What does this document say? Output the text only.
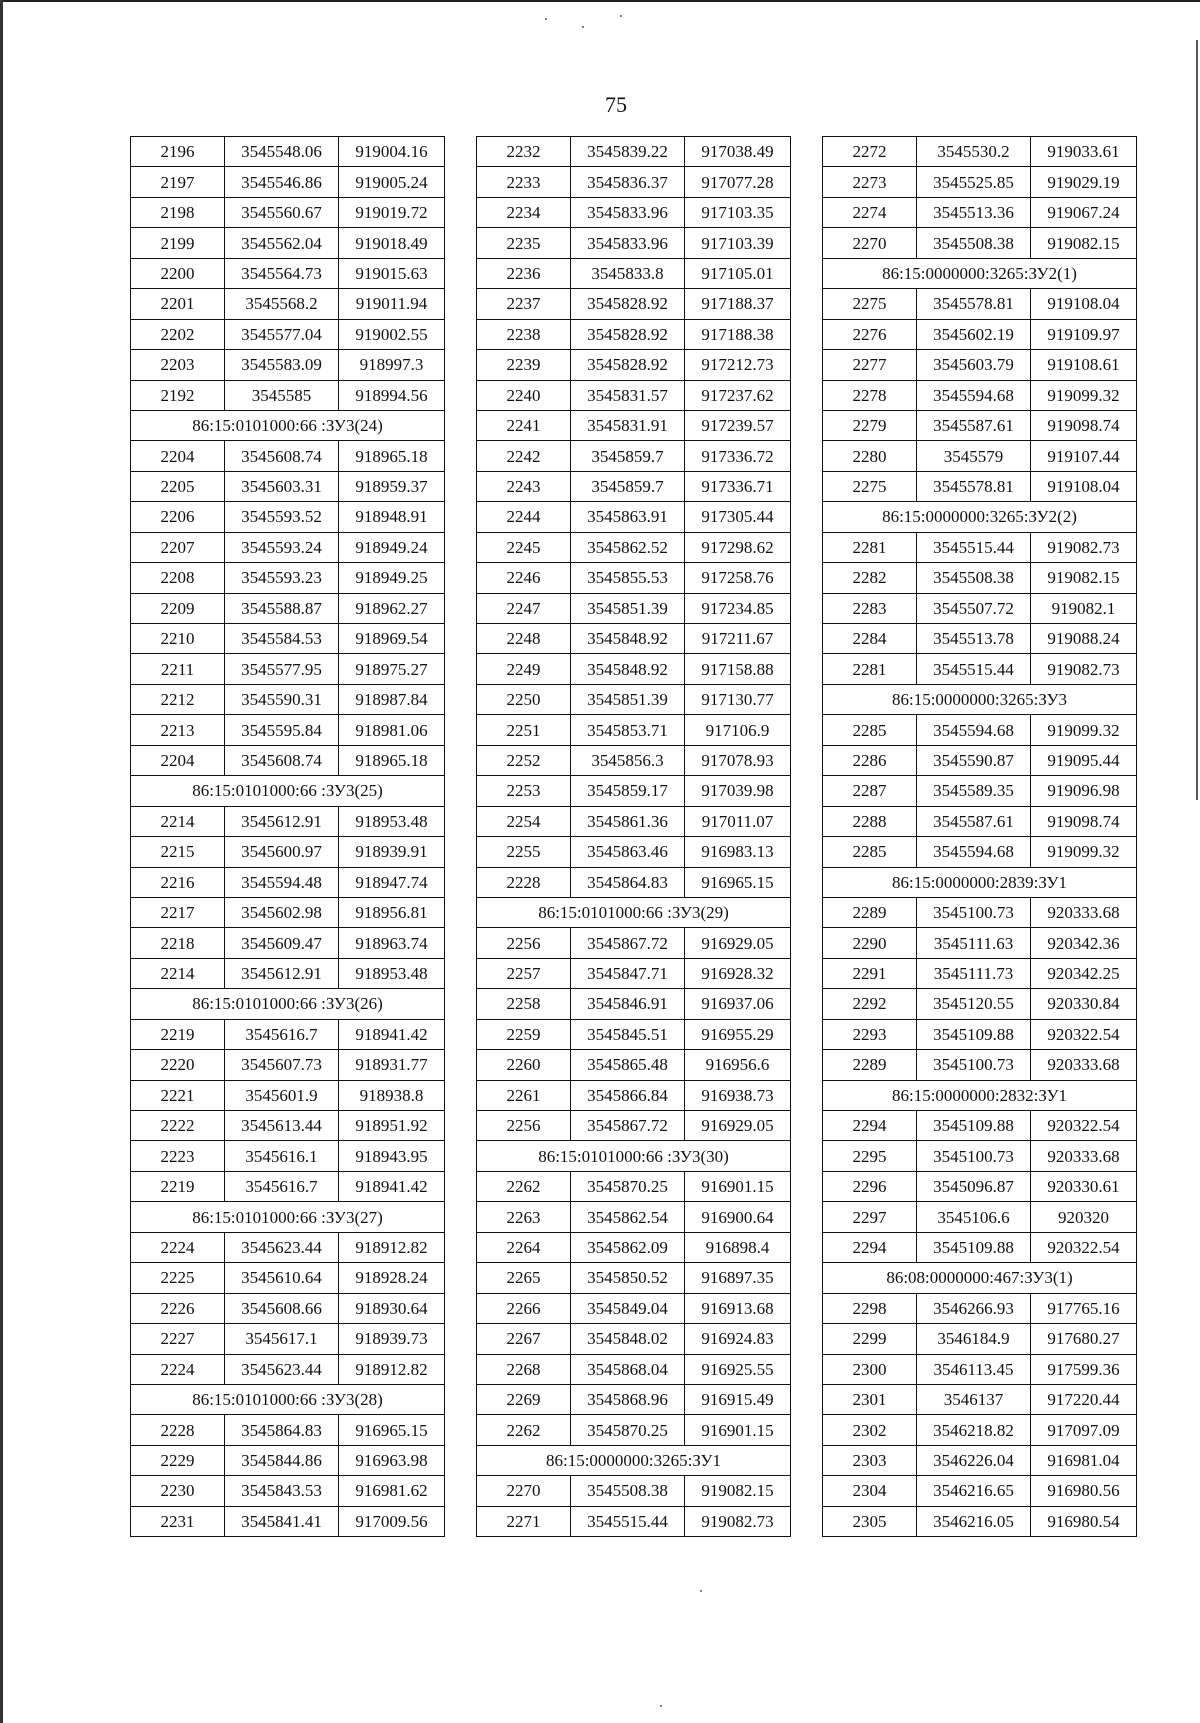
75
2196	3545548.06	919004.16
2197	3545546.86	919005.24
2198	3545560.67	919019.72
2199	3545562.04	919018.49
2200	3545564.73	919015.63
2201	3545568.2	919011.94
2202	3545577.04	919002.55
2203	3545583.09	918997.3
2192	3545585	918994.56
86:15:0101000:66 :ЗУ3(24)		
2204	3545608.74	918965.18
2205	3545603.31	918959.37
2206	3545593.52	918948.91
2207	3545593.24	918949.24
2208	3545593.23	918949.25
2209	3545588.87	918962.27
2210	3545584.53	918969.54
2211	3545577.95	918975.27
2212	3545590.31	918987.84
2213	3545595.84	918981.06
2204	3545608.74	918965.18
86:15:0101000:66 :ЗУ3(25)		
2214	3545612.91	918953.48
2215	3545600.97	918939.91
2216	3545594.48	918947.74
2217	3545602.98	918956.81
2218	3545609.47	918963.74
2214	3545612.91	918953.48
86:15:0101000:66 :ЗУ3(26)		
2219	3545616.7	918941.42
2220	3545607.73	918931.77
2221	3545601.9	918938.8
2222	3545613.44	918951.92
2223	3545616.1	918943.95
2219	3545616.7	918941.42
86:15:0101000:66 :ЗУ3(27)		
2224	3545623.44	918912.82
2225	3545610.64	918928.24
2226	3545608.66	918930.64
2227	3545617.1	918939.73
2224	3545623.44	918912.82
86:15:0101000:66 :ЗУ3(28)		
2228	3545864.83	916965.15
2229	3545844.86	916963.98
2230	3545843.53	916981.62
2231	3545841.41	917009.56
2232	3545839.22	917038.49
2233	3545836.37	917077.28
2234	3545833.96	917103.35
2235	3545833.96	917103.39
2236	3545833.8	917105.01
2237	3545828.92	917188.37
2238	3545828.92	917188.38
2239	3545828.92	917212.73
2240	3545831.57	917237.62
2241	3545831.91	917239.57
2242	3545859.7	917336.72
2243	3545859.7	917336.71
2244	3545863.91	917305.44
2245	3545862.52	917298.62
2246	3545855.53	917258.76
2247	3545851.39	917234.85
2248	3545848.92	917211.67
2249	3545848.92	917158.88
2250	3545851.39	917130.77
2251	3545853.71	917106.9
2252	3545856.3	917078.93
2253	3545859.17	917039.98
2254	3545861.36	917011.07
2255	3545863.46	916983.13
2228	3545864.83	916965.15
86:15:0101000:66 :ЗУ3(29)		
2256	3545867.72	916929.05
2257	3545847.71	916928.32
2258	3545846.91	916937.06
2259	3545845.51	916955.29
2260	3545865.48	916956.6
2261	3545866.84	916938.73
2256	3545867.72	916929.05
86:15:0101000:66 :ЗУ3(30)		
2262	3545870.25	916901.15
2263	3545862.54	916900.64
2264	3545862.09	916898.4
2265	3545850.52	916897.35
2266	3545849.04	916913.68
2267	3545848.02	916924.83
2268	3545868.04	916925.55
2269	3545868.96	916915.49
2262	3545870.25	916901.15
86:15:0000000:3265:ЗУ1		
2270	3545508.38	919082.15
2271	3545515.44	919082.73
2272	3545530.2	919033.61
2273	3545525.85	919029.19
2274	3545513.36	919067.24
2270	3545508.38	919082.15
86:15:0000000:3265:ЗУ2(1)		
2275	3545578.81	919108.04
2276	3545602.19	919109.97
2277	3545603.79	919108.61
2278	3545594.68	919099.32
2279	3545587.61	919098.74
2280	3545579	919107.44
2275	3545578.81	919108.04
86:15:0000000:3265:ЗУ2(2)		
2281	3545515.44	919082.73
2282	3545508.38	919082.15
2283	3545507.72	919082.1
2284	3545513.78	919088.24
2281	3545515.44	919082.73
86:15:0000000:3265:ЗУ3		
2285	3545594.68	919099.32
2286	3545590.87	919095.44
2287	3545589.35	919096.98
2288	3545587.61	919098.74
2285	3545594.68	919099.32
86:15:0000000:2839:ЗУ1		
2289	3545100.73	920333.68
2290	3545111.63	920342.36
2291	3545111.73	920342.25
2292	3545120.55	920330.84
2293	3545109.88	920322.54
2289	3545100.73	920333.68
86:15:0000000:2832:ЗУ1		
2294	3545109.88	920322.54
2295	3545100.73	920333.68
2296	3545096.87	920330.61
2297	3545106.6	920320
2294	3545109.88	920322.54
86:08:0000000:467:ЗУ3(1)		
2298	3546266.93	917765.16
2299	3546184.9	917680.27
2300	3546113.45	917599.36
2301	3546137	917220.44
2302	3546218.82	917097.09
2303	3546226.04	916981.04
2304	3546216.65	916980.56
2305	3546216.05	916980.54
